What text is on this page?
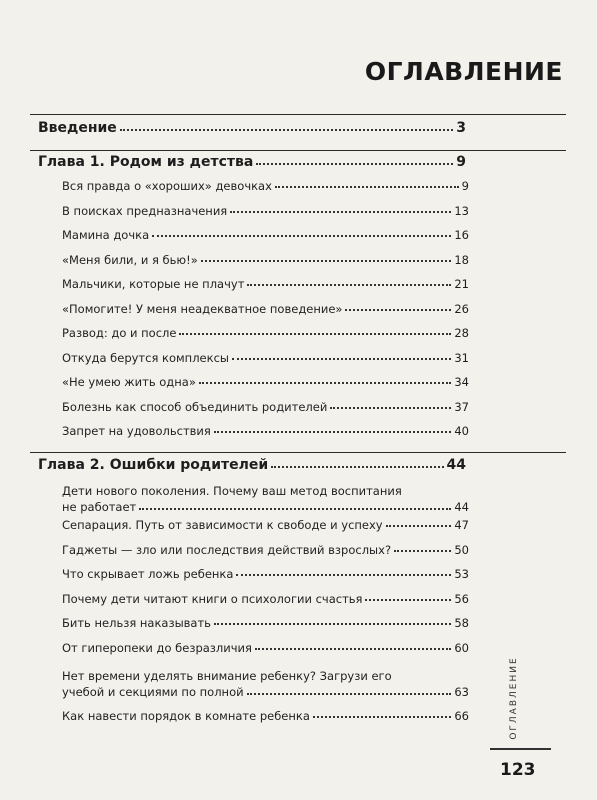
ОГЛАВЛЕНИЕ
Введение	3
Глава 1. Родом из детства	9
Вся правда о «хороших» девочках	9
В поисках предназначения	13
Мамина дочка	16
«Меня били, и я бью!»	18
Мальчики, которые не плачут	21
«Помогите! У меня неадекватное поведение»	26
Развод: до и после	28
Откуда берутся комплексы	31
«Не умею жить одна»	34
Болезнь как способ объединить родителей	37
Запрет на удовольствия	40
Глава 2. Ошибки родителей	44
Дети нового поколения. Почему ваш метод воспитания
не работает	44
Сепарация. Путь от зависимости к свободе и успеху	47
Гаджеты — зло или последствия действий взрослых?	50
Что скрывает ложь ребенка	53
Почему дети читают книги о психологии счастья	56
Бить нельзя наказывать	58
От гиперопеки до безразличия	60
Нет времени уделять внимание ребенку? Загрузи его
учебой и секциями по полной	63
Как навести порядок в комнате ребенка	66	ОГЛАВЛЕНИЕ
123
